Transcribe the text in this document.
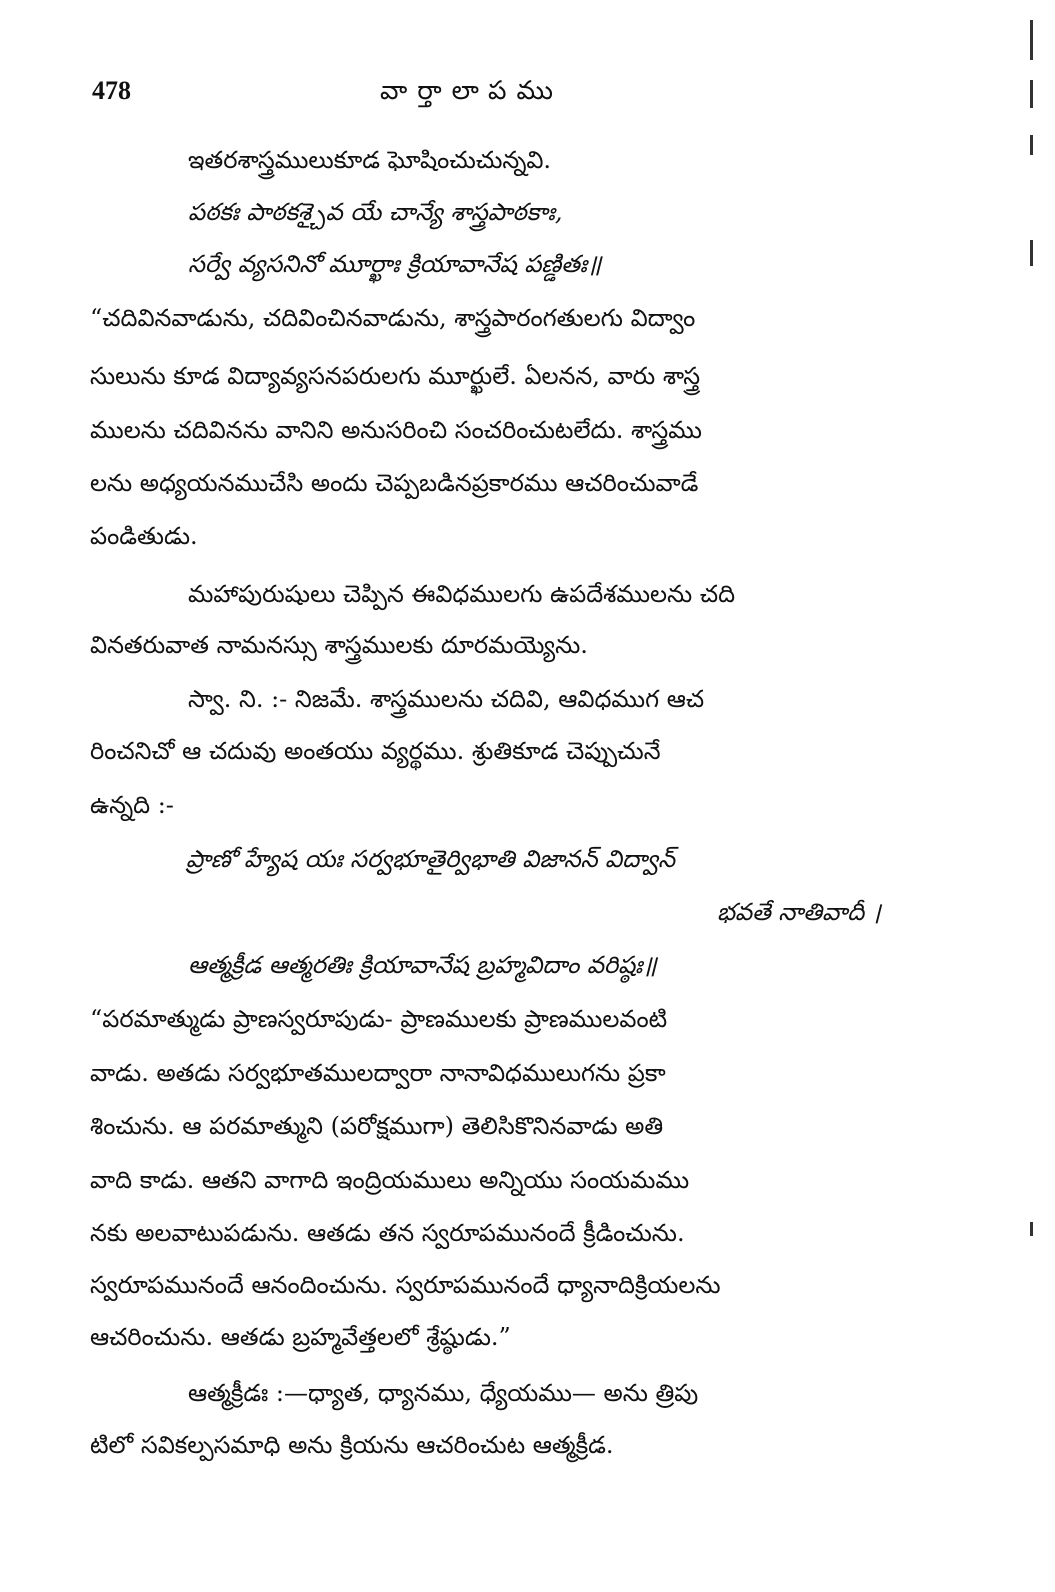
478	వార్తాలాపము
ఇతరశాస్త్రములుకూడ ఘోషించుచున్నవి.
పఠకః పాఠకశ్చైవ యే చాన్యే శాస్త్రపాఠకాః,
సర్వే వ్యసనినో మూర్ఖాః క్రియావానేష పణ్డితః॥
“చదివినవాడును, చదివించినవాడును, శాస్త్రపారంగతులగు విద్వాం
సులును కూడ విద్యావ్యసనపరులగు మూర్ఖులే. ఏలనన, వారు శాస్త్ర
ములను చదివినను వానిని అనుసరించి సంచరించుటలేదు. శాస్త్రము
లను అధ్యయనముచేసి అందు చెప్పబడినప్రకారము ఆచరించువాడే
పండితుడు.
మహాపురుషులు చెప్పిన ఈవిధములగు ఉపదేశములను చది
వినతరువాత నామనస్సు శాస్త్రములకు దూరమయ్యెను.
స్వా. ని. :- నిజమే. శాస్త్రములను చదివి, ఆవిధముగ ఆచ
రించనిచో ఆ చదువు అంతయు వ్యర్థము. శ్రుతికూడ చెప్పుచునే
ఉన్నది :-
ప్రాణో హ్యేష యః సర్వభూతైర్విభాతి విజానన్ విద్వాన్
భవతే నాతివాదీ ।
ఆత్మక్రీడ ఆత్మరతిః క్రియావానేష బ్రహ్మవిదాం వరిష్ఠః॥
“పరమాత్ముడు ప్రాణస్వరూపుడు- ప్రాణములకు ప్రాణములవంటి
వాడు. అతడు సర్వభూతములద్వారా నానావిధములుగను ప్రకా
శించును. ఆ పరమాత్ముని (పరోక్షముగా) తెలిసికొనినవాడు అతి
వాది కాడు. ఆతని వాగాది ఇంద్రియములు అన్నియు సంయమము
నకు అలవాటుపడును. ఆతడు తన స్వరూపమునందే క్రీడించును.
స్వరూపమునందే ఆనందించును. స్వరూపమునందే ధ్యానాదిక్రియలను
ఆచరించును. ఆతడు బ్రహ్మవేత్తలలో శ్రేష్ఠుడు.”
ఆత్మక్రీడః :—ధ్యాత, ధ్యానము, ధ్యేయము— అను త్రిపు
టిలో సవికల్పసమాధి అను క్రియను ఆచరించుట ఆత్మక్రీడ.
